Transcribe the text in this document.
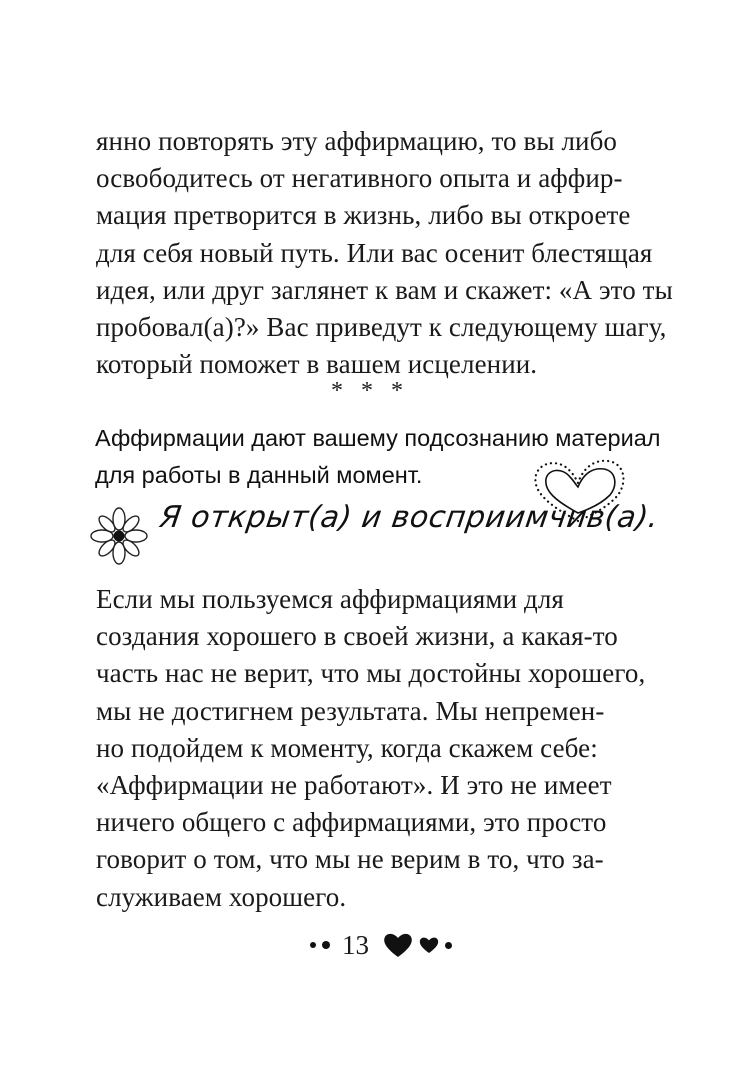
янно повторять эту аффирмацию, то вы либо
освободитесь от негативного опыта и аффир-
мация претворится в жизнь, либо вы откроете
для себя новый путь. Или вас осенит блестящая
идея, или друг заглянет к вам и скажет: «А это ты
пробовал(а)?» Вас приведут к следующему шагу,
который поможет в вашем исцелении.
* * *
Аффирмации дают вашему подсознанию материал
для работы в данный момент.
Я открыт(а) и восприимчив(а).
Если мы пользуемся аффирмациями для
создания хорошего в своей жизни, а какая-то
часть нас не верит, что мы достойны хорошего,
мы не достигнем результата. Мы непремен-
но подойдем к моменту, когда скажем себе:
«Аффирмации не работают». И это не имеет
ничего общего с аффирмациями, это просто
говорит о том, что мы не верим в то, что за-
служиваем хорошего.
13
